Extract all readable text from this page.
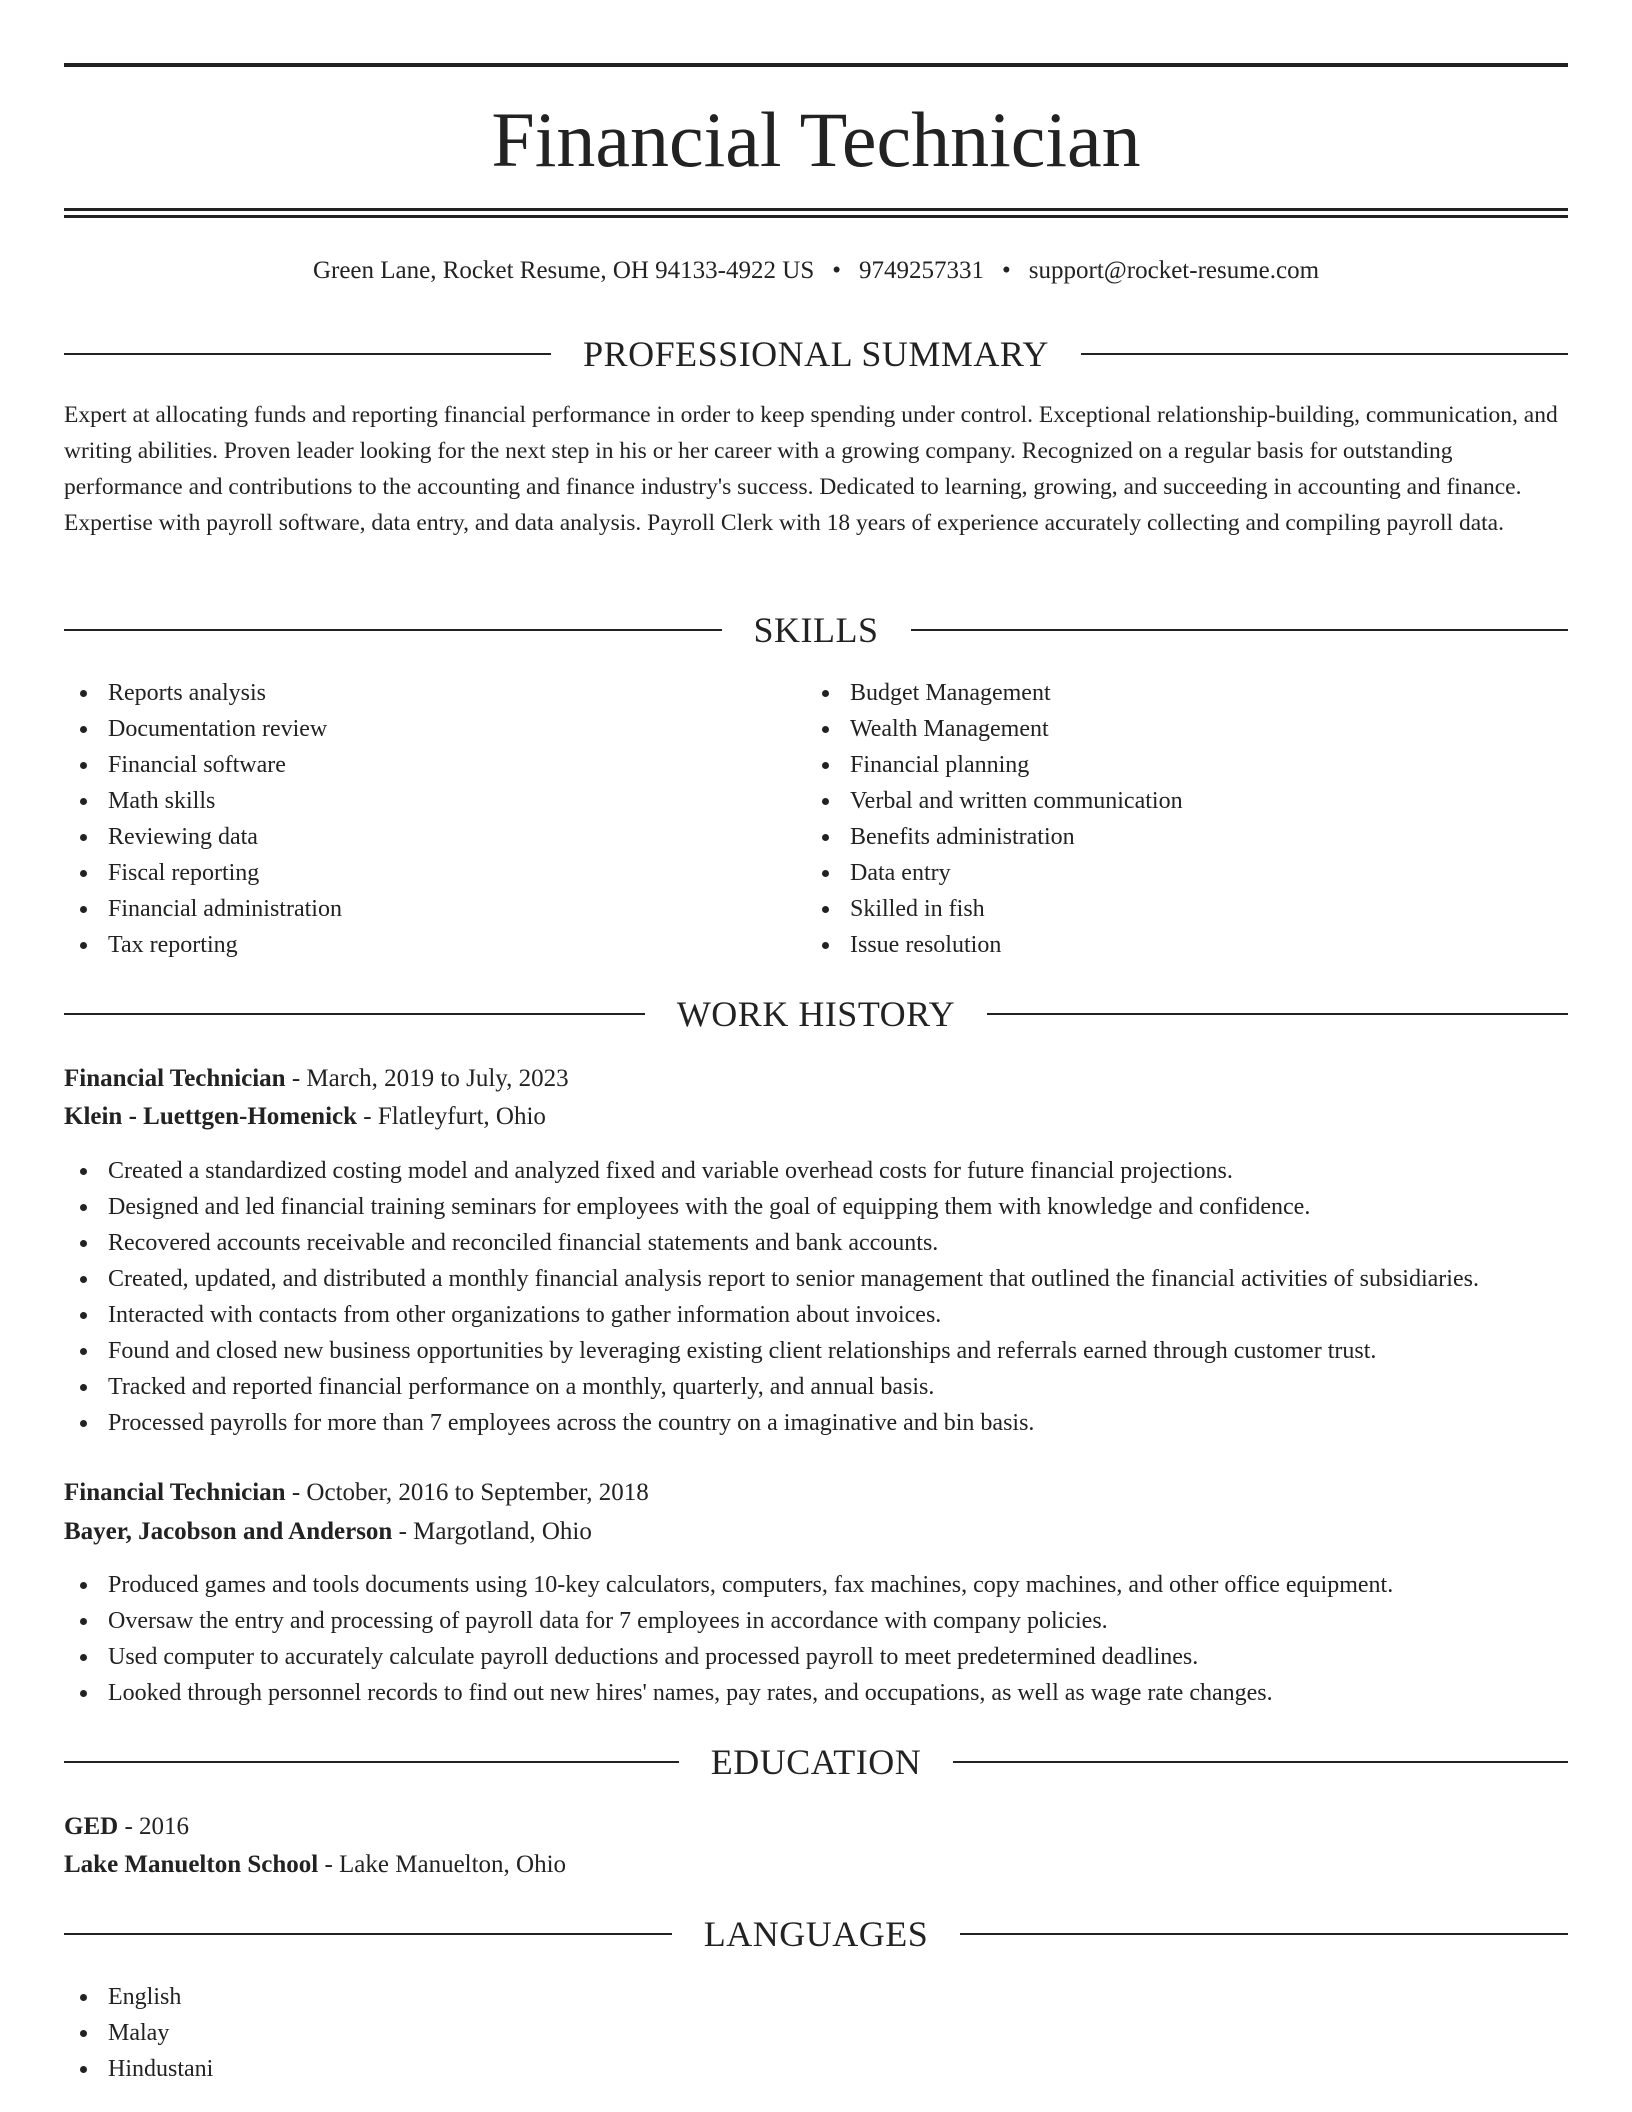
Financial Technician
Green Lane, Rocket Resume, OH 94133-4922 US • 9749257331 • support@rocket-resume.com
PROFESSIONAL SUMMARY

Expert at allocating funds and reporting financial performance in order to keep spending under control. Exceptional relationship-building, communication, and writing abilities. Proven leader looking for the next step in his or her career with a growing company. Recognized on a regular basis for outstanding performance and contributions to the accounting and finance industry's success. Dedicated to learning, growing, and succeeding in accounting and finance. Expertise with payroll software, data entry, and data analysis. Payroll Clerk with 18 years of experience accurately collecting and compiling payroll data.

SKILLS
Reports analysis
Documentation review
Financial software
Math skills
Reviewing data
Fiscal reporting
Financial administration
Tax reporting
Budget Management
Wealth Management
Financial planning
Verbal and written communication
Benefits administration
Data entry
Skilled in fish
Issue resolution
WORK HISTORY
Financial Technician - March, 2019 to July, 2023
Klein - Luettgen-Homenick - Flatleyfurt, Ohio
Created a standardized costing model and analyzed fixed and variable overhead costs for future financial projections.
Designed and led financial training seminars for employees with the goal of equipping them with knowledge and confidence.
Recovered accounts receivable and reconciled financial statements and bank accounts.
Created, updated, and distributed a monthly financial analysis report to senior management that outlined the financial activities of subsidiaries.
Interacted with contacts from other organizations to gather information about invoices.
Found and closed new business opportunities by leveraging existing client relationships and referrals earned through customer trust.
Tracked and reported financial performance on a monthly, quarterly, and annual basis.
Processed payrolls for more than 7 employees across the country on a imaginative and bin basis.
Financial Technician - October, 2016 to September, 2018
Bayer, Jacobson and Anderson - Margotland, Ohio
Produced games and tools documents using 10-key calculators, computers, fax machines, copy machines, and other office equipment.
Oversaw the entry and processing of payroll data for 7 employees in accordance with company policies.
Used computer to accurately calculate payroll deductions and processed payroll to meet predetermined deadlines.
Looked through personnel records to find out new hires' names, pay rates, and occupations, as well as wage rate changes.
EDUCATION
GED - 2016
Lake Manuelton School - Lake Manuelton, Ohio
LANGUAGES
English
Malay
Hindustani
